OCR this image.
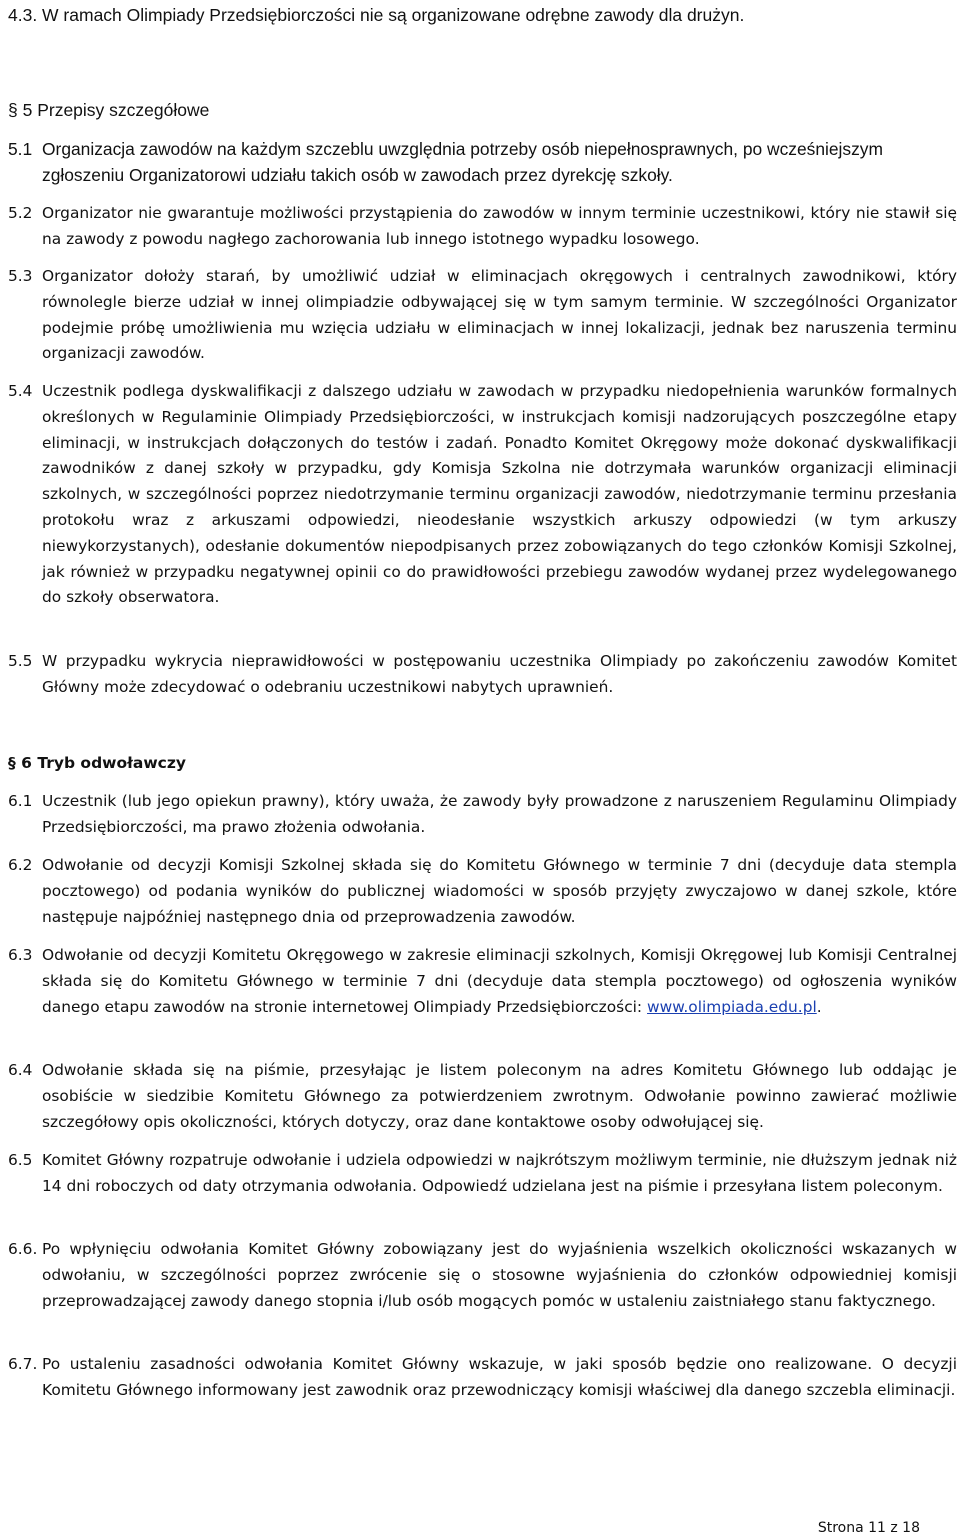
4.3. W ramach Olimpiady Przedsiębiorczości nie są organizowane odrębne zawody dla drużyn.
§ 5 Przepisy szczegółowe
5.1 Organizacja zawodów na każdym szczeblu uwzględnia potrzeby osób niepełnosprawnych, po wcześniejszym zgłoszeniu Organizatorowi udziału takich osób w zawodach przez dyrekcję szkoły.
5.2 Organizator nie gwarantuje możliwości przystąpienia do zawodów w innym terminie uczestnikowi, który nie stawił się na zawody z powodu nagłego zachorowania lub innego istotnego wypadku losowego.
5.3 Organizator dołoży starań, by umożliwić udział w eliminacjach okręgowych i centralnych zawodnikowi, który równolegle bierze udział w innej olimpiadzie odbywającej się w tym samym terminie. W szczególności Organizator podejmie próbę umożliwienia mu wzięcia udziału w eliminacjach w innej lokalizacji, jednak bez naruszenia terminu organizacji zawodów.
5.4 Uczestnik podlega dyskwalifikacji z dalszego udziału w zawodach w przypadku niedopełnienia warunków formalnych określonych w Regulaminie Olimpiady Przedsiębiorczości, w instrukcjach komisji nadzorujących poszczególne etapy eliminacji, w instrukcjach dołączonych do testów i zadań. Ponadto Komitet Okręgowy może dokonać dyskwalifikacji zawodników z danej szkoły w przypadku, gdy Komisja Szkolna nie dotrzymała warunków organizacji eliminacji szkolnych, w szczególności poprzez niedotrzymanie terminu organizacji zawodów, niedotrzymanie terminu przesłania protokołu wraz z arkuszami odpowiedzi, nieodesłanie wszystkich arkuszy odpowiedzi (w tym arkuszy niewykorzystanych), odesłanie dokumentów niepodpisanych przez zobowiązanych do tego członków Komisji Szkolnej, jak również w przypadku negatywnej opinii co do prawidłowości przebiegu zawodów wydanej przez wydelegowanego do szkoły obserwatora.
5.5 W przypadku wykrycia nieprawidłowości w postępowaniu uczestnika Olimpiady po zakończeniu zawodów Komitet Główny może zdecydować o odebraniu uczestnikowi nabytych uprawnień.
§ 6 Tryb odwoławczy
6.1 Uczestnik (lub jego opiekun prawny), który uważa, że zawody były prowadzone z naruszeniem Regulaminu Olimpiady Przedsiębiorczości, ma prawo złożenia odwołania.
6.2 Odwołanie od decyzji Komisji Szkolnej składa się do Komitetu Głównego w terminie 7 dni (decyduje data stempla pocztowego) od podania wyników do publicznej wiadomości w sposób przyjęty zwyczajowo w danej szkole, które następuje najpóźniej następnego dnia od przeprowadzenia zawodów.
6.3 Odwołanie od decyzji Komitetu Okręgowego w zakresie eliminacji szkolnych, Komisji Okręgowej lub Komisji Centralnej składa się do Komitetu Głównego w terminie 7 dni (decyduje data stempla pocztowego) od ogłoszenia wyników danego etapu zawodów na stronie internetowej Olimpiady Przedsiębiorczości: www.olimpiada.edu.pl.
6.4 Odwołanie składa się na piśmie, przesyłając je listem poleconym na adres Komitetu Głównego lub oddając je osobiście w siedzibie Komitetu Głównego za potwierdzeniem zwrotnym. Odwołanie powinno zawierać możliwie szczegółowy opis okoliczności, których dotyczy, oraz dane kontaktowe osoby odwołującej się.
6.5 Komitet Główny rozpatruje odwołanie i udziela odpowiedzi w najkrótszym możliwym terminie, nie dłuższym jednak niż 14 dni roboczych od daty otrzymania odwołania. Odpowiedź udzielana jest na piśmie i przesyłana listem poleconym.
6.6. Po wpłynięciu odwołania Komitet Główny zobowiązany jest do wyjaśnienia wszelkich okoliczności wskazanych w odwołaniu, w szczególności poprzez zwrócenie się o stosowne wyjaśnienia do członków odpowiedniej komisji przeprowadzającej zawody danego stopnia i/lub osób mogących pomóc w ustaleniu zaistniałego stanu faktycznego.
6.7. Po ustaleniu zasadności odwołania Komitet Główny wskazuje, w jaki sposób będzie ono realizowane. O decyzji Komitetu Głównego informowany jest zawodnik oraz przewodniczący komisji właściwej dla danego szczebla eliminacji.
Strona 11 z 18
